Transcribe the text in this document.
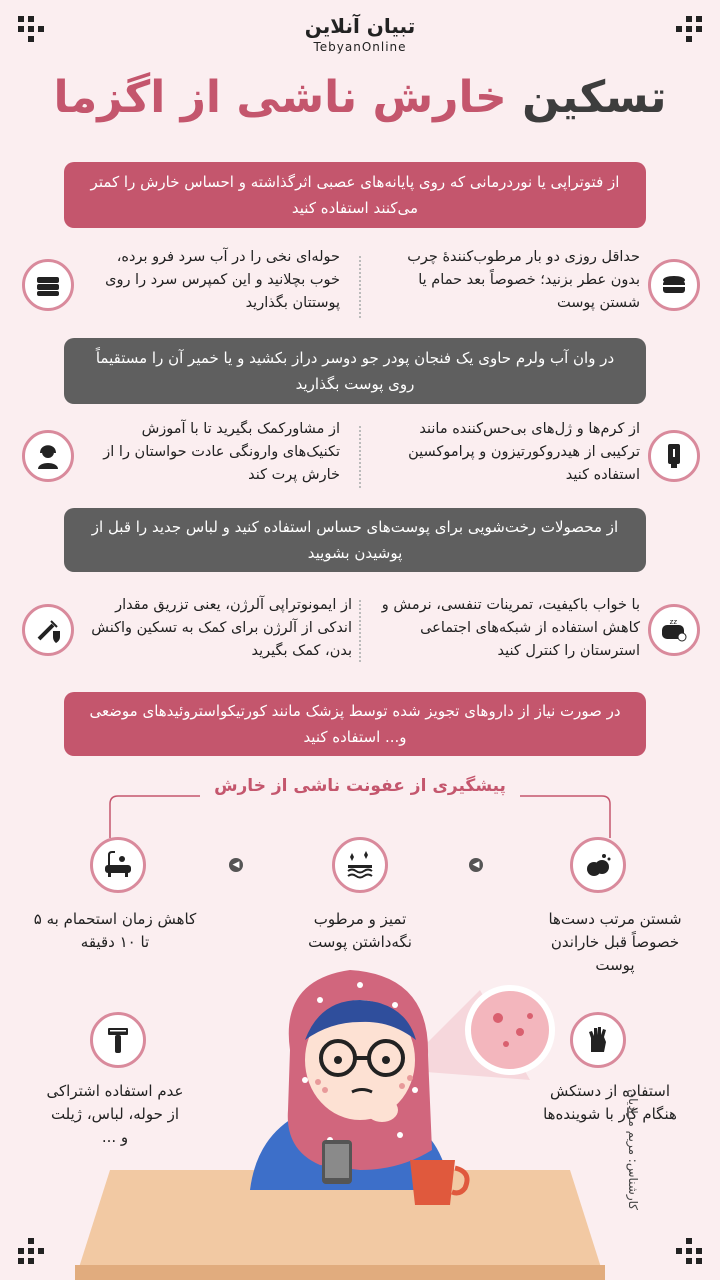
تبیان آنلاین
TebyanOnline
تسکین خارش ناشی از اگزما
از فتوتراپی یا نوردرمانی که روی پایانه‌های عصبی اثرگذاشته و احساس خارش را کمتر می‌کنند استفاده کنید
حداقل روزی دو بار مرطوب‌کنندهٔ چرب بدون عطر بزنید؛ خصوصاً بعد حمام یا شستن پوست
حوله‌ای نخی را در آب سرد فرو برده، خوب بچلانید و این کمپرس سرد را روی پوستتان بگذارید
در وان آب ولرم حاوی یک فنجان پودر جو دوسر دراز بکشید و یا خمیر آن را مستقیماً روی پوست بگذارید
از کرم‌ها و ژل‌های بی‌حس‌کننده مانند ترکیبی از هیدروکورتیزون و پراموکسین استفاده کنید
از مشاورکمک بگیرید تا با آموزش تکنیک‌های وارونگی عادت حواستان را از خارش پرت کند
از محصولات رخت‌شویی برای پوست‌های حساس استفاده کنید و لباس جدید را قبل از پوشیدن بشویید
zz
با خواب باکیفیت، تمرینات تنفسی، نرمش و کاهش استفاده از شبکه‌های اجتماعی استرستان را کنترل کنید
از ایمونوتراپی آلرژن، یعنی تزریق مقدار اندکی از آلرژن برای کمک به تسکین واکنش بدن، کمک بگیرید
در صورت نیاز از داروهای تجویز شده توسط پزشک مانند کورتیکواستروئیدهای موضعی و... استفاده کنید
پیشگیری از عفونت ناشی از خارش
◀
◀
شستن مرتب دست‌ها خصوصاً قبل خاراندن پوست
تمیز و مرطوب نگه‌داشتن پوست
کاهش زمان استحمام به ۵ تا ۱۰ دقیقه
استفاده از دستکش هنگام کار با شوینده‌ها
عدم استفاده اشتراکی از حوله، لباس، ژیلت و ...	کارشناس: مریم مرادیان
